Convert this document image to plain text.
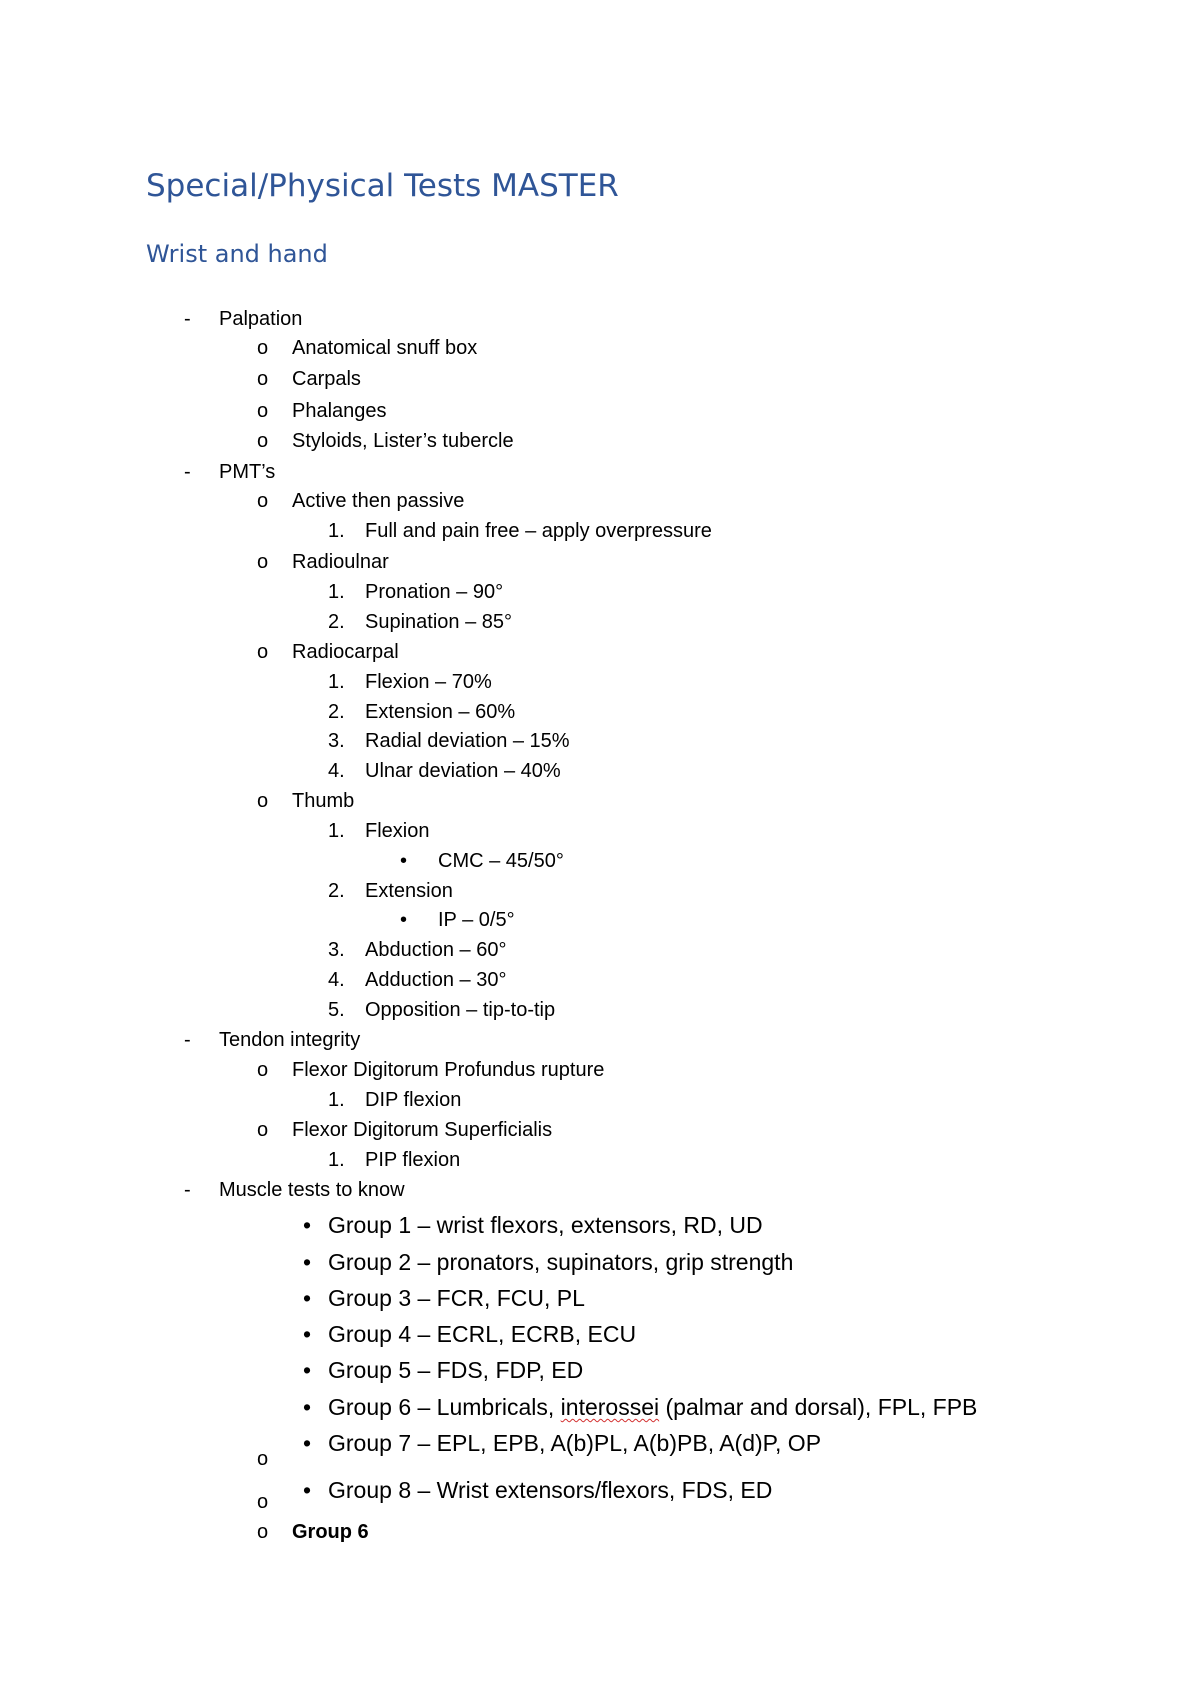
Special/Physical Tests MASTER
Wrist and hand
- Palpation
o Anatomical snuff box
o Carpals
o Phalanges
o Styloids, Lister’s tubercle
- PMT’s
o Active then passive
1. Full and pain free – apply overpressure
o Radioulnar
1. Pronation – 90°
2. Supination – 85°
o Radiocarpal
1. Flexion – 70%
2. Extension – 60%
3. Radial deviation – 15%
4. Ulnar deviation – 40%
o Thumb
1. Flexion
• CMC – 45/50°
2. Extension
• IP – 0/5°
3. Abduction – 60°
4. Adduction – 30°
5. Opposition – tip-to-tip
- Tendon integrity
o Flexor Digitorum Profundus rupture
1. DIP flexion
o Flexor Digitorum Superficialis
1. PIP flexion
- Muscle tests to know
• Group 1 – wrist flexors, extensors, RD, UD
• Group 2 – pronators, supinators, grip strength
• Group 3 – FCR, FCU, PL
• Group 4 – ECRL, ECRB, ECU
• Group 5 – FDS, FDP, ED
• Group 6 – Lumbricals, interossei (palmar and dorsal), FPL, FPB
• Group 7 – EPL, EPB, A(b)PL, A(b)PB, A(d)P, OP
o
• Group 8 – Wrist extensors/flexors, FDS, ED
o
o Group 6
